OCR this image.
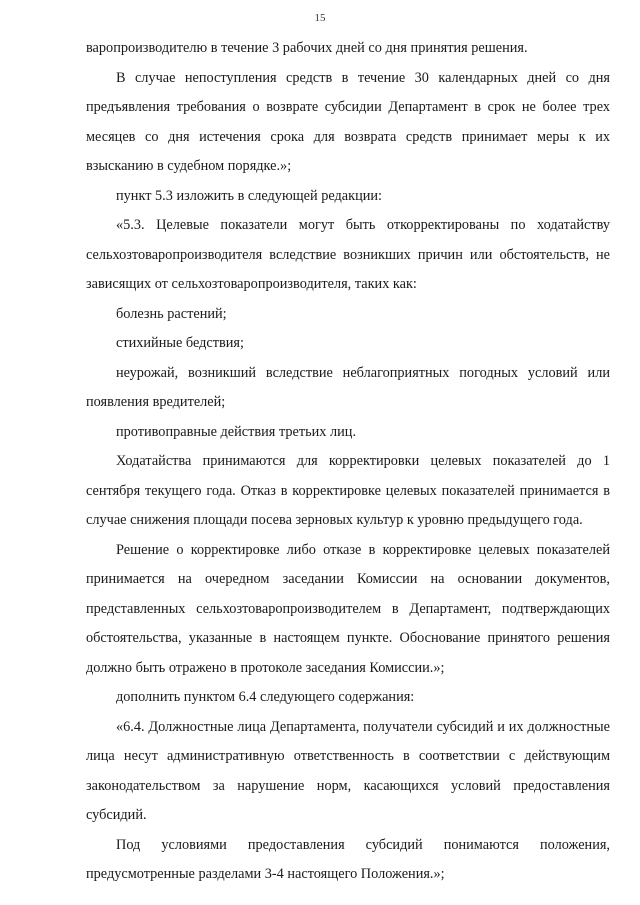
15

варопроизводителю в течение 3 рабочих дней со дня принятия решения.

В случае непоступления средств в течение 30 календарных дней со дня предъявления требования о возврате субсидии Департамент в срок не более трех месяцев со дня истечения срока для возврата средств принимает меры к их взысканию в судебном порядке.»;

пункт 5.3 изложить в следующей редакции:

«5.3. Целевые показатели могут быть откорректированы по ходатайству сельхозтоваропроизводителя вследствие возникших причин или обстоятельств, не зависящих от сельхозтоваропроизводителя, таких как:

болезнь растений;

стихийные бедствия;

неурожай, возникший вследствие неблагоприятных погодных условий или появления вредителей;

противоправные действия третьих лиц.

Ходатайства принимаются для корректировки целевых показателей до 1 сентября текущего года. Отказ в корректировке целевых показателей принимается в случае снижения площади посева зерновых культур к уровню предыдущего года.

Решение о корректировке либо отказе в корректировке целевых показателей принимается на очередном заседании Комиссии на основании документов, представленных сельхозтоваропроизводителем в Департамент, подтверждающих обстоятельства, указанные в настоящем пункте. Обоснование принятого решения должно быть отражено в протоколе заседания Комиссии.»;

дополнить пунктом 6.4 следующего содержания:

«6.4. Должностные лица Департамента, получатели субсидий и их должностные лица несут административную ответственность в соответствии с действующим законодательством за нарушение норм, касающихся условий предоставления субсидий.

Под условиями предоставления субсидий понимаются положения, предусмотренные разделами 3-4 настоящего Положения.»;
